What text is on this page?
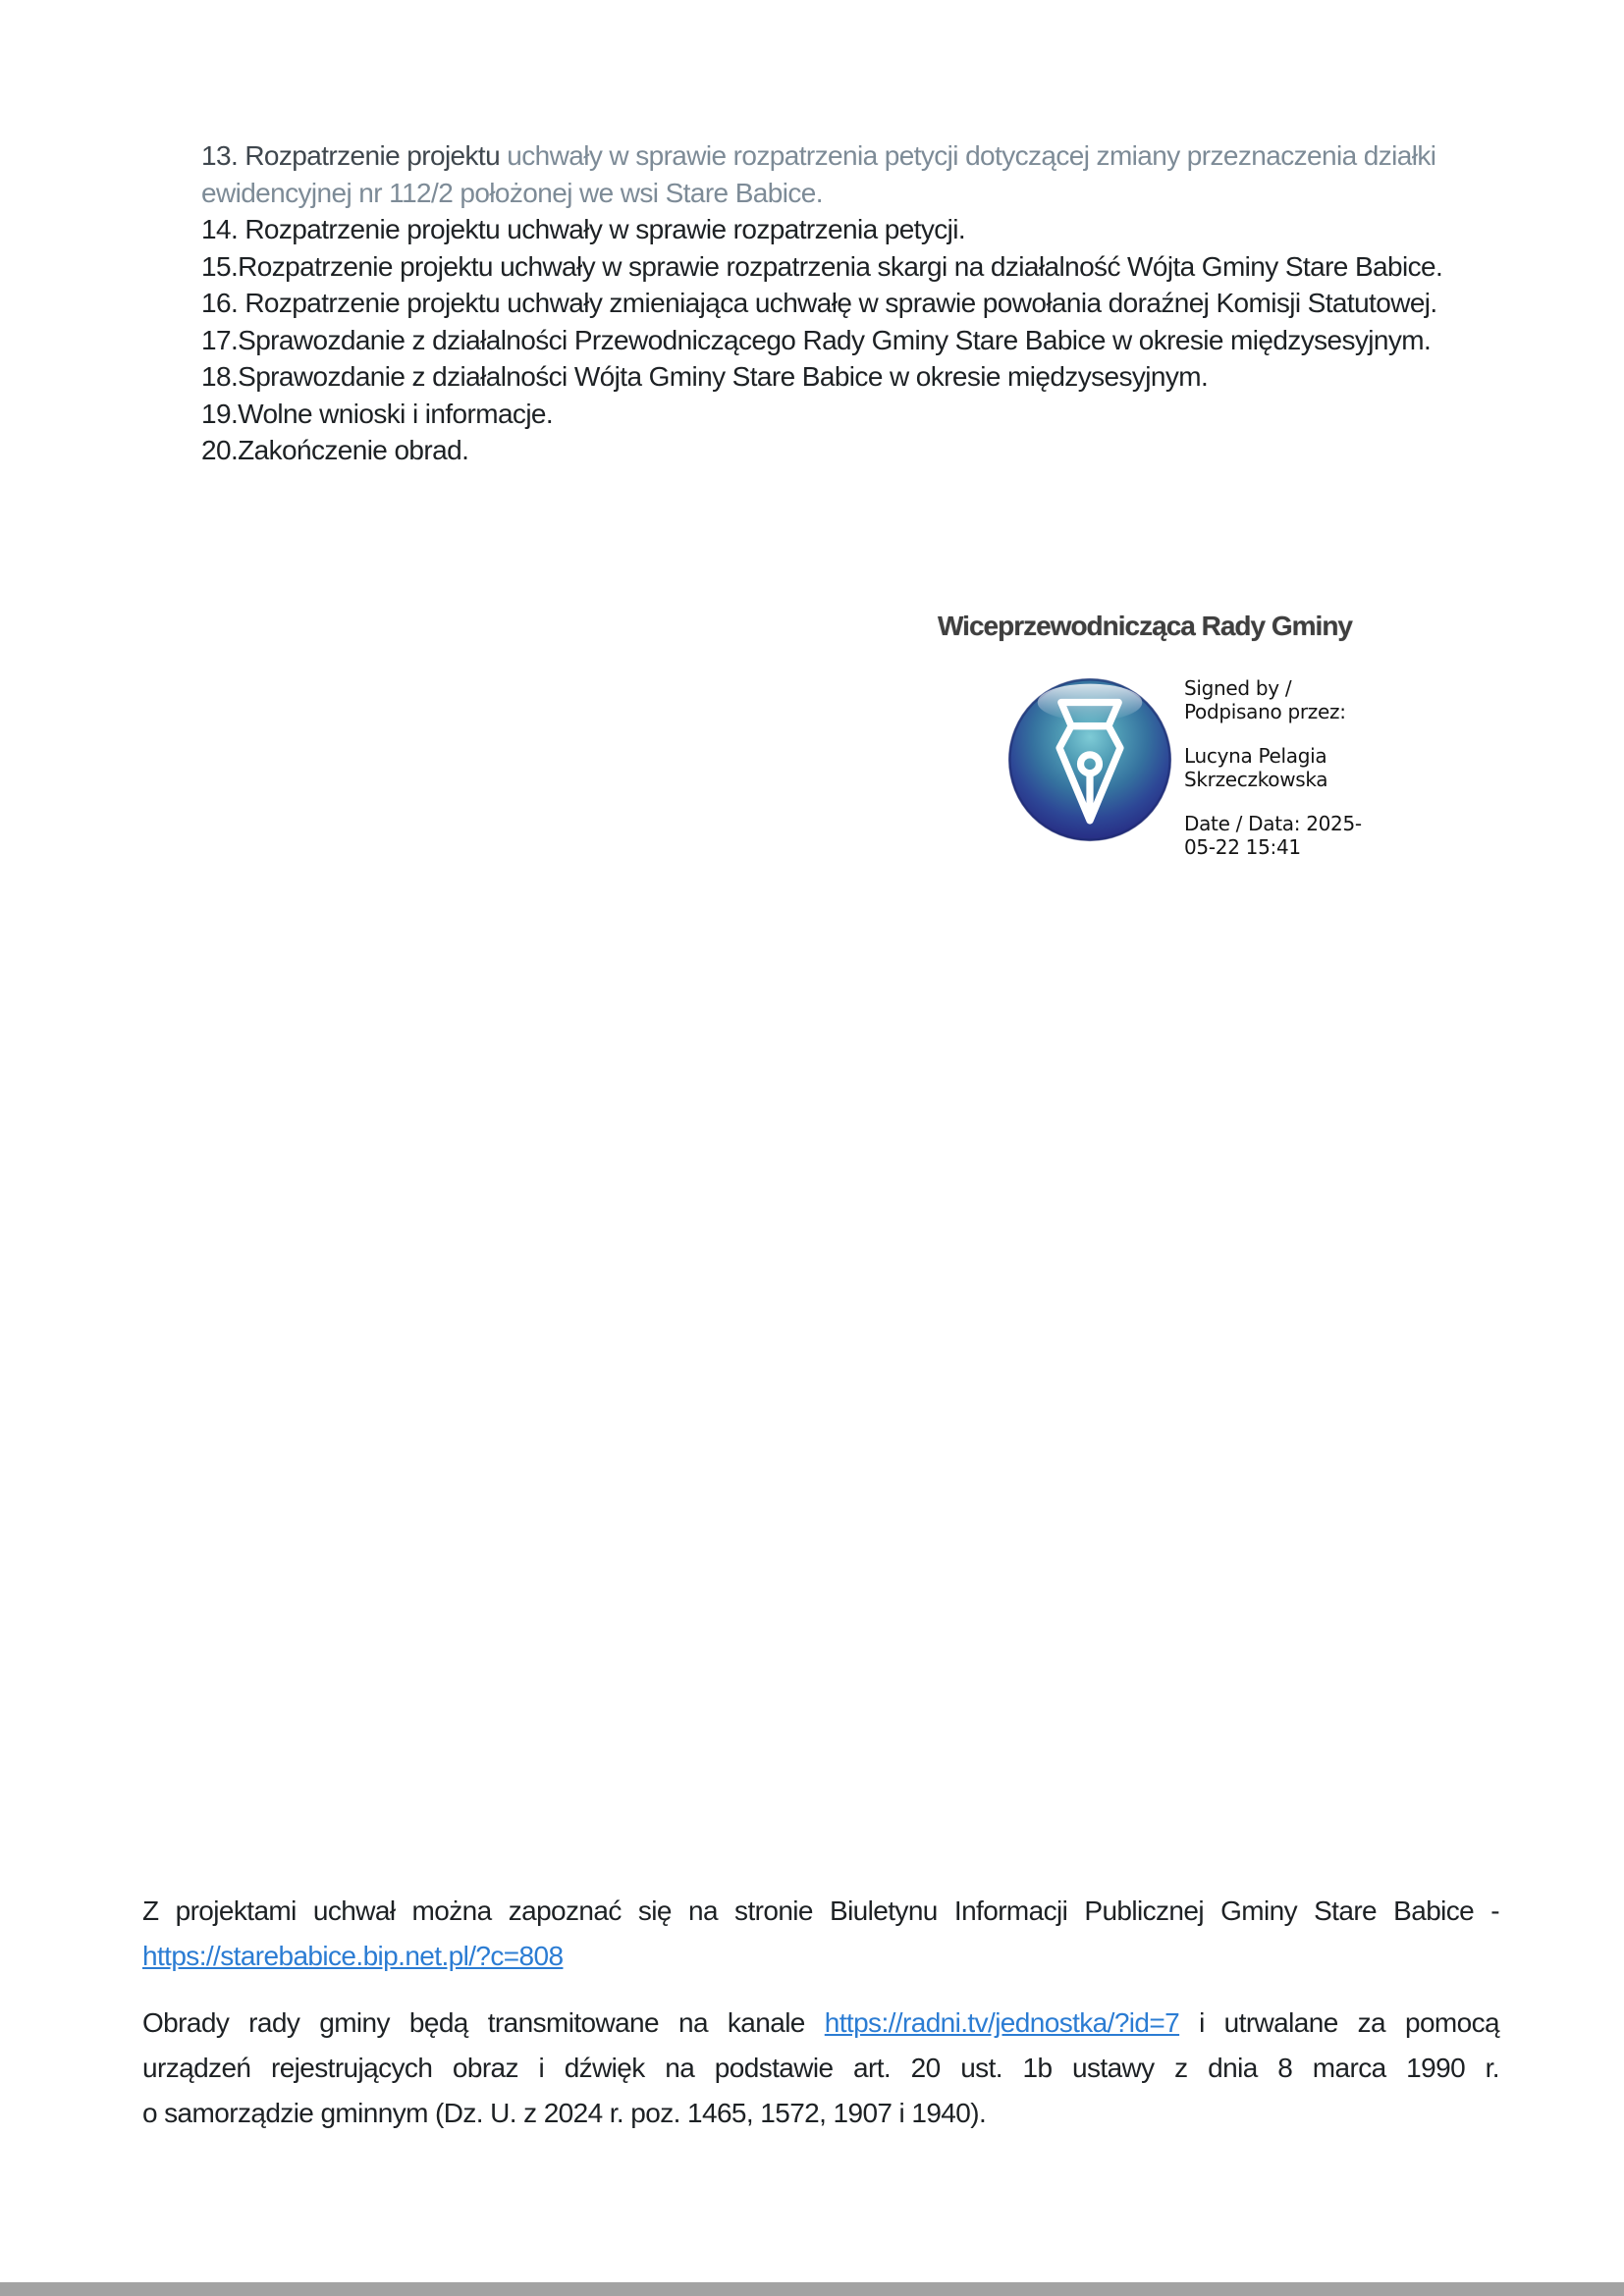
13. Rozpatrzenie projektu uchwały w sprawie rozpatrzenia petycji dotyczącej zmiany przeznaczenia działki ewidencyjnej nr 112/2 położonej we wsi Stare Babice.
14. Rozpatrzenie projektu uchwały w sprawie rozpatrzenia petycji.
15.Rozpatrzenie projektu uchwały w sprawie rozpatrzenia skargi na działalność Wójta Gminy Stare Babice.
16. Rozpatrzenie projektu uchwały zmieniająca uchwałę w sprawie powołania doraźnej Komisji Statutowej.
17.Sprawozdanie z działalności Przewodniczącego Rady Gminy Stare Babice w okresie międzysesyjnym.
18.Sprawozdanie z działalności Wójta Gminy Stare Babice w okresie międzysesyjnym.
19.Wolne wnioski i informacje.
20.Zakończenie obrad.
Wiceprzewodnicząca Rady Gminy
Signed by /
Podpisano przez:
Lucyna Pelagia
Skrzeczkowska
Date / Data: 2025-
05-22 15:41

Z projektami uchwał można zapoznać się na stronie Biuletynu Informacji Publicznej Gminy Stare Babice -https://starebabice.bip.net.pl/?c=808

Obrady rady gminy będą transmitowane na kanale https://radni.tv/jednostka/?id=7 i utrwalane za pomocąurządzeń rejestrujących obraz i dźwięk na podstawie art. 20 ust. 1b ustawy z dnia 8 marca 1990 r.o samorządzie gminnym (Dz. U. z 2024 r. poz. 1465, 1572, 1907 i 1940).
